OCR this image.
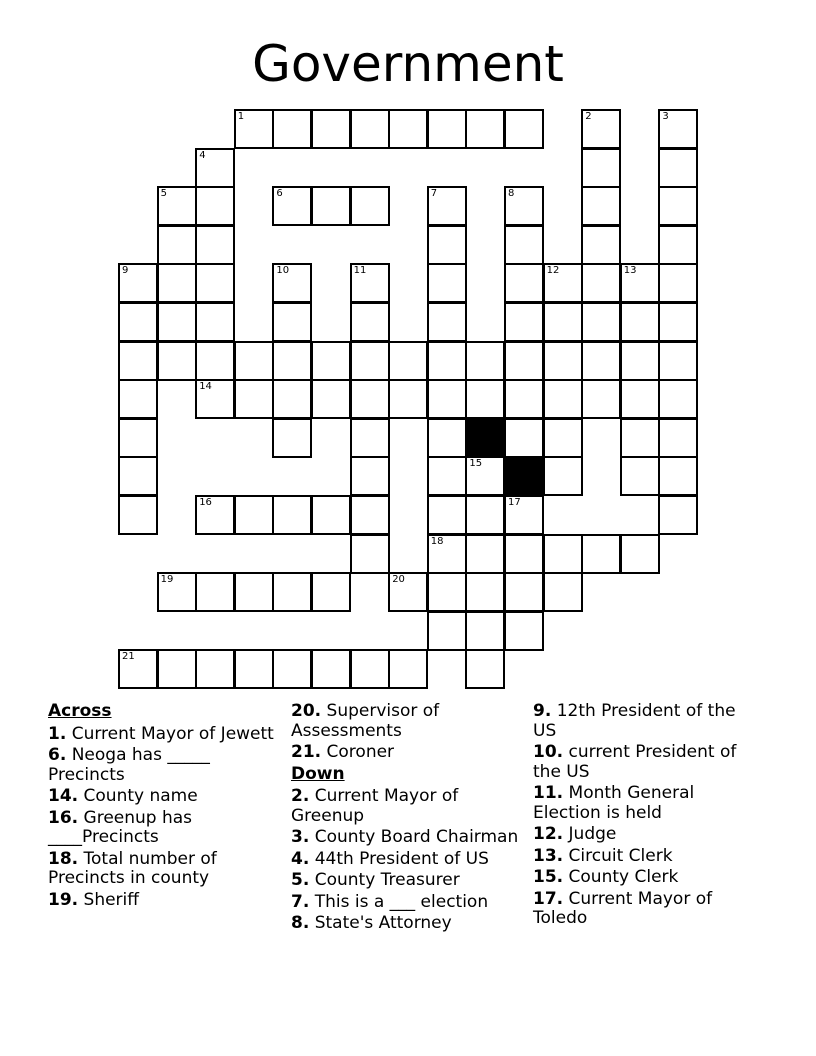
Government
1	2	3
4
5	6	7	8
9	10	11	12	13
14
15
16	17
18
19	20
21
Across
1. Current Mayor of Jewett
6. Neoga has _____ Precincts
14. County name
16. Greenup has ____Precincts
18. Total number of Precincts in county
19. Sheriff
20. Supervisor of Assessments
21. Coroner
Down
2. Current Mayor of Greenup
3. County Board Chairman
4. 44th President of US
5. County Treasurer
7. This is a ___ election
8. State's Attorney
9. 12th President of the US
10. current President of the US
11. Month General Election is held
12. Judge
13. Circuit Clerk
15. County Clerk
17. Current Mayor of Toledo
